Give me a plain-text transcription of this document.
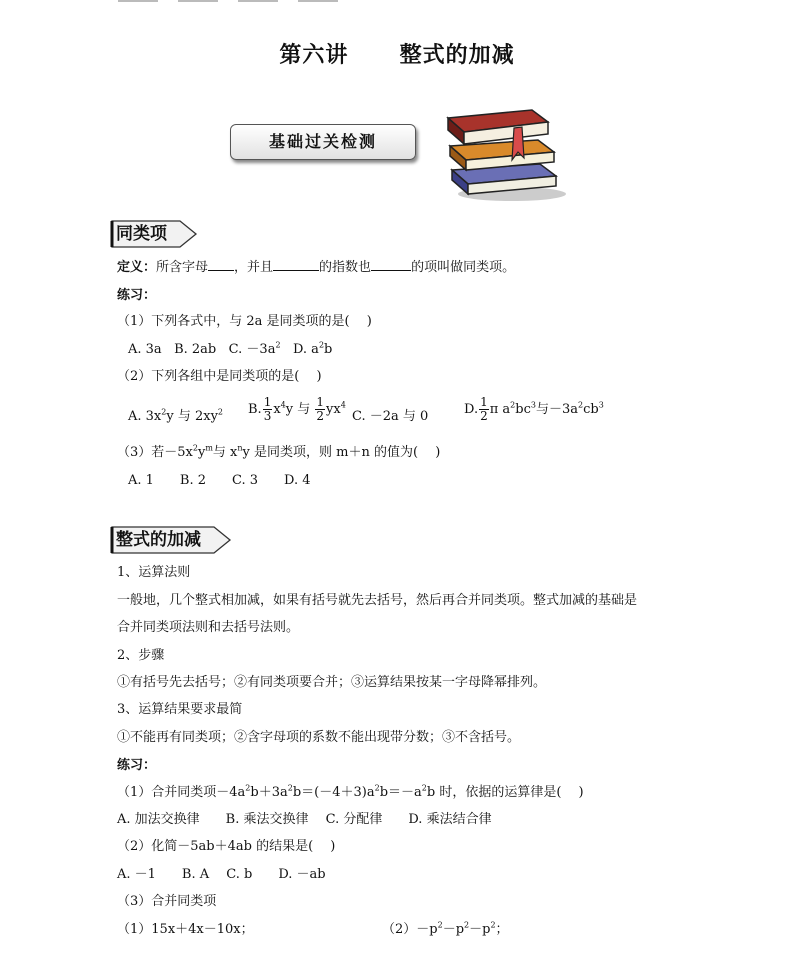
第六讲 整式的加减
基础过关检测
同类项
定义：所含字母 ，并且	的指数也	的项叫做同类项。
练习：
（1）下列各式中，与 2a 是同类项的是(　 )
A. 3a B. 2ab C. $-3a^2$ D. $a^2b$
（2）下列各组中是同类项的是(　 )
A. $3x^2y$ 与 $2xy^2$ B. $\frac{1}{3} x^4y$ 与 $\frac{1}{2} yx^4$
C. －2a 与 0	D. $\frac{1}{2}$ π $a^2bc^3$与$-3a^2cb^3$
（3）若$-5x^2y^m$与 $x^ny$ 是同类项，则 m＋n 的值为(　 )
A. 1　　B. 2　　C. 3　　D. 4
整式的加减
1、运算法则
一般地，几个整式相加减，如果有括号就先去括号，然后再合并同类项。整式加减的基础是
合并同类项法则和去括号法则。
2、步骤
①有括号先去括号；②有同类项要合并；③运算结果按某一字母降幂排列。
3、运算结果要求最简
①不能再有同类项；②含字母项的系数不能出现带分数；③不含括号。
练习：
（1）合并同类项$-4a^2b+3a^2b=(-4+3)a^2b=-a^2b$ 时，依据的运算律是(　 )
A. 加法交换律　　B. 乘法交换律　 C. 分配律　　D. 乘法结合律
（2）化简－5ab＋4ab 的结果是(　 )
A. －1　　B. A　 C. b　　D. －ab
（3）合并同类项
（1）15x＋4x－10x；	$(2)-p^2-p^2-p^2$；
